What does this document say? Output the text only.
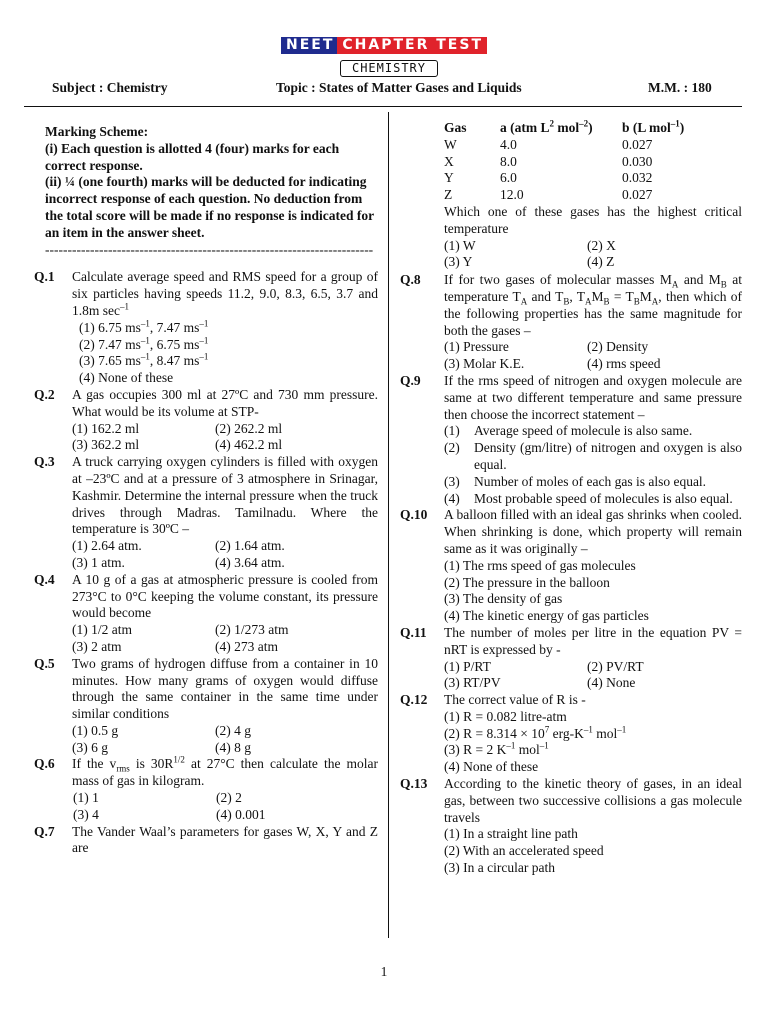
NEET CHAPTER TEST
CHEMISTRY
Subject : Chemistry	Topic : States of Matter Gases and Liquids	M.M. : 180
Marking Scheme:
(i) Each question is allotted 4 (four) marks for each correct response.
(ii) ¼ (one fourth) marks will be deducted for indicating incorrect response of each question. No deduction from the total score will be made if no response is indicated for an item in the answer sheet.
-------------------------------------------------------------------------
Q.1	Calculate average speed and RMS speed for a group of six particles having speeds 11.2, 9.0, 8.3, 6.5, 3.7 and 1.8m $\sec^{-1}$
(1) 6.75 $ms^{-1}$, 7.47 $ms^{-1}$
(2) 7.47 $ms^{-1}$, 6.75 $ms^{-1}$
(3) 7.65 $ms^{-1}$, 8.47 $ms^{-1}$
(4) None of these
Q.2	A gas occupies 300 ml at 27ºC and 730 mm pressure. What would be its volume at STP-
(1) 162.2 ml	(2) 262.2 ml
(3) 362.2 ml	(4) 462.2 ml
Q.3	A truck carrying oxygen cylinders is filled with oxygen at –23ºC and at a pressure of 3 atmosphere in Srinagar, Kashmir. Determine the internal pressure when the truck drives through Madras. Tamilnadu. Where the temperature is 30ºC –
(1) 2.64 atm.	(2) 1.64 atm.
(3) 1 atm.	(4) 3.64 atm.
Q.4	A 10 g of a gas at atmospheric pressure is cooled from 273°C to 0°C keeping the volume constant, its pressure would become
(1) 1/2 atm	(2) 1/273 atm
(3) 2 atm	(4) 273 atm
Q.5	Two grams of hydrogen diffuse from a container in 10 minutes. How many grams of oxygen would diffuse through the same container in the same time under similar conditions
(1) 0.5 g	(2) 4 g
(3) 6 g	(4) 8 g
Q.6	If the $v_{rms}$ is $30R^{1/2}$ at 27°C then calculate the molar mass of gas in kilogram.
(1) 1	(2) 2
(3) 4	(4) 0.001
Q.7	The Vander Waal’s parameters for gases W, X, Y and Z are
Gas	a (atm $L^2$ mol$^{-2}$)	b (L mol$^{-1}$)
W	4.0	0.027
X	8.0	0.030
Y	6.0	0.032
Z	12.0	0.027
Which one of these gases has the highest critical temperature
(1) W	(2) X
(3) Y	(4) Z
Q.8	If for two gases of molecular masses $M_A$ and $M_B$ at temperature $T_A$ and $T_B$, $T_AM_B = T_BM_A$, then which of the following properties has the same magnitude for both the gases –
(1) Pressure	(2) Density
(3) Molar K.E.	(4) rms speed
Q.9	If the rms speed of nitrogen and oxygen molecule are same at two different temperature and same pressure then choose the incorrect statement –
(1)	Average speed of molecule is also same.
(2)	Density (gm/litre) of nitrogen and oxygen is also equal.
(3)	Number of moles of each gas is also equal.
(4)	Most probable speed of molecules is also equal.
Q.10	A balloon filled with an ideal gas shrinks when cooled. When shrinking is done, which property will remain same as it was originally –
(1) The rms speed of gas molecules
(2) The pressure in the balloon
(3) The density of gas
(4) The kinetic energy of gas particles
Q.11	The number of moles per litre in the equation PV = nRT is expressed by -
(1) P/RT	(2) PV/RT
(3) RT/PV	(4) None
Q.12	The correct value of R is -
(1) R = 0.082 litre-atm
(2) $R = 8.314 \times 10^7$ erg-$K^{-1}$ mol$^{-1}$
(3) R = 2 $K^{-1}$ mol$^{-1}$
(4) None of these
Q.13	According to the kinetic theory of gases, in an ideal gas, between two successive collisions a gas molecule travels
(1) In a straight line path
(2) With an accelerated speed
(3) In a circular path
1
